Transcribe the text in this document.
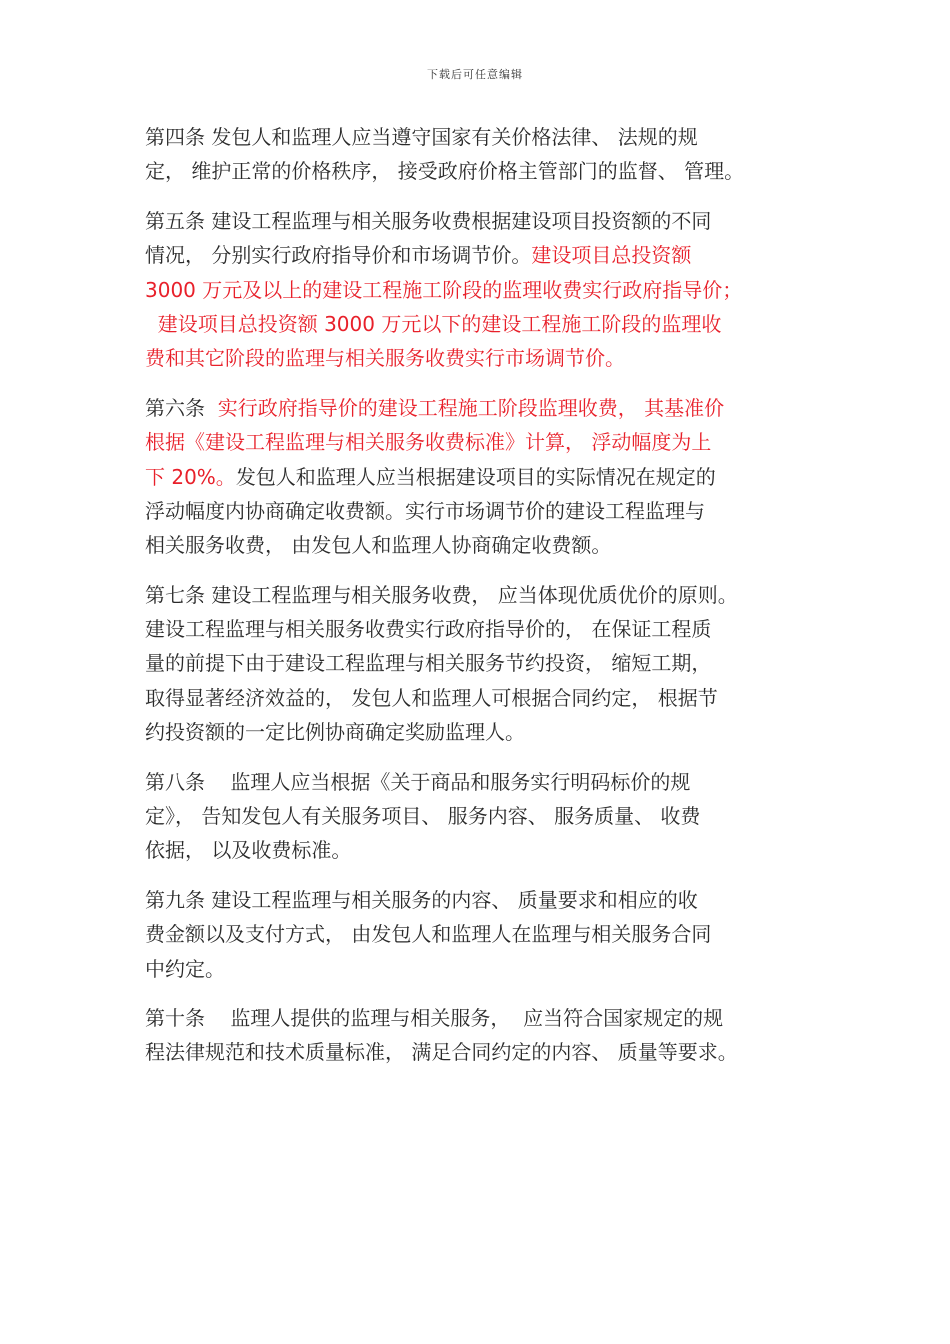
下载后可任意编辑
第四条 发包人和监理人应当遵守国家有关价格法律、 法规的规
定， 维护正常的价格秩序， 接受政府价格主管部门的监督、 管理。
第五条 建设工程监理与相关服务收费根据建设项目投资额的不同
情况， 分别实行政府指导价和市场调节价。建设项目总投资额
3000 万元及以上的建设工程施工阶段的监理收费实行政府指导价；
建设项目总投资额 3000 万元以下的建设工程施工阶段的监理收
费和其它阶段的监理与相关服务收费实行市场调节价。
第六条  实行政府指导价的建设工程施工阶段监理收费， 其基准价
根据《建设工程监理与相关服务收费标准》计算， 浮动幅度为上
下 20%。发包人和监理人应当根据建设项目的实际情况在规定的
浮动幅度内协商确定收费额。实行市场调节价的建设工程监理与
相关服务收费， 由发包人和监理人协商确定收费额。
第七条 建设工程监理与相关服务收费， 应当体现优质优价的原则。
建设工程监理与相关服务收费实行政府指导价的， 在保证工程质
量的前提下由于建设工程监理与相关服务节约投资， 缩短工期，
取得显著经济效益的， 发包人和监理人可根据合同约定， 根据节
约投资额的一定比例协商确定奖励监理人。
第八条    监理人应当根据《关于商品和服务实行明码标价的规
定》， 告知发包人有关服务项目、 服务内容、 服务质量、 收费
依据， 以及收费标准。
第九条 建设工程监理与相关服务的内容、 质量要求和相应的收
费金额以及支付方式， 由发包人和监理人在监理与相关服务合同
中约定。
第十条    监理人提供的监理与相关服务，  应当符合国家规定的规
程法律规范和技术质量标准， 满足合同约定的内容、 质量等要求。
